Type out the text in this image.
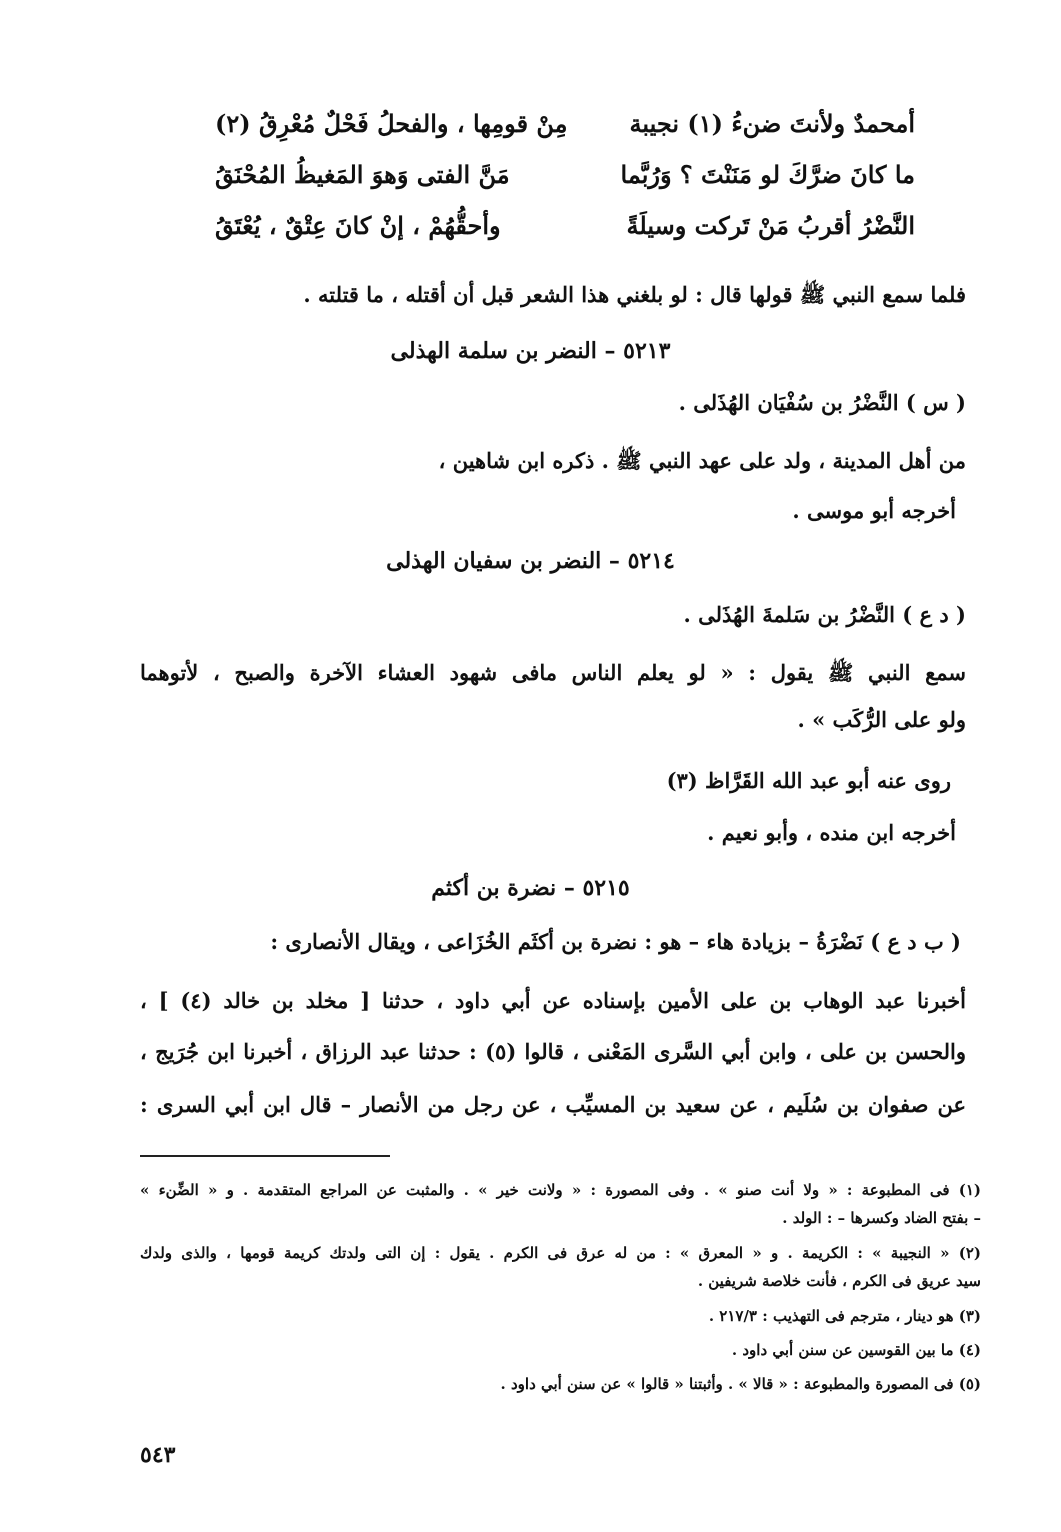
أمحمدٌ ولأنتَ ضنءُ (١) نجيبة
مِنْ قومِها ، والفحلُ فَحْلٌ مُعْرِقُ (٢)
ما كانَ ضرَّكَ لو مَنَنْتَ ؟ وَرُبَّما
مَنَّ الفتى وَهوَ المَغيظُ المُحْنَقُ
النَّضْرُ أقربُ مَنْ تَركت وسيلَةً
وأحقُّهُمْ ، إنْ كانَ عِتْقٌ ، يُعْتَقُ
فلما سمع النبي ﷺ قولها قال : لو بلغني هذا الشعر قبل أن أقتله ، ما قتلته .
٥٢١٣ – النضر بن سلمة الهذلى
( س ) النَّضْرُ بن سُفْيَان الهُذَلى .
من أهل المدينة ، ولد على عهد النبي ﷺ . ذكره ابن شاهين ،
أخرجه أبو موسى .
٥٢١٤ – النضر بن سفيان الهذلى
( د ع ) النَّضْرُ بن سَلمةَ الهُذَلى .
سمع النبي ﷺ يقول : « لو يعلم الناس مافى شهود العشاء الآخرة والصبح ، لأتوهما
ولو على الرُّكَب » .
روى عنه أبو عبد الله القَرَّاظ (٣)
أخرجه ابن منده ، وأبو نعيم .
٥٢١٥ – نضرة بن أكثم
( ب د ع ) نَضْرَةُ – بزيادة هاء – هو : نضرة بن أكثَم الخُزَاعى ، ويقال الأنصارى :
أخبرنا عبد الوهاب بن على الأمين بإسناده عن أبي داود ، حدثنا [ مخلد بن خالد (٤) ] ،
والحسن بن على ، وابن أبي السَّرى المَعْنى ، قالوا (٥) : حدثنا عبد الرزاق ، أخبرنا ابن جُرَيج ،
عن صفوان بن سُلَيم ، عن سعيد بن المسيِّب ، عن رجل من الأنصار – قال ابن أبي السرى :
(١) فى المطبوعة : « ولا أنت صنو » . وفى المصورة : « ولانت خير » . والمثبت عن المراجع المتقدمة . و « الضِّنء »
– بفتح الضاد وكسرها – : الولد .
(٢) « النجيبة » : الكريمة . و « المعرق » : من له عرق فى الكرم . يقول : إن التى ولدتك كريمة قومها ، والذى ولدك
سيد عريق فى الكرم ، فأنت خلاصة شريفين .
(٣) هو دينار ، مترجم فى التهذيب : ٢١٧/٣ .
(٤) ما بين القوسين عن سنن أبي داود .
(٥) فى المصورة والمطبوعة : « قالا » . وأثبتنا « قالوا » عن سنن أبي داود .
٥٤٣
